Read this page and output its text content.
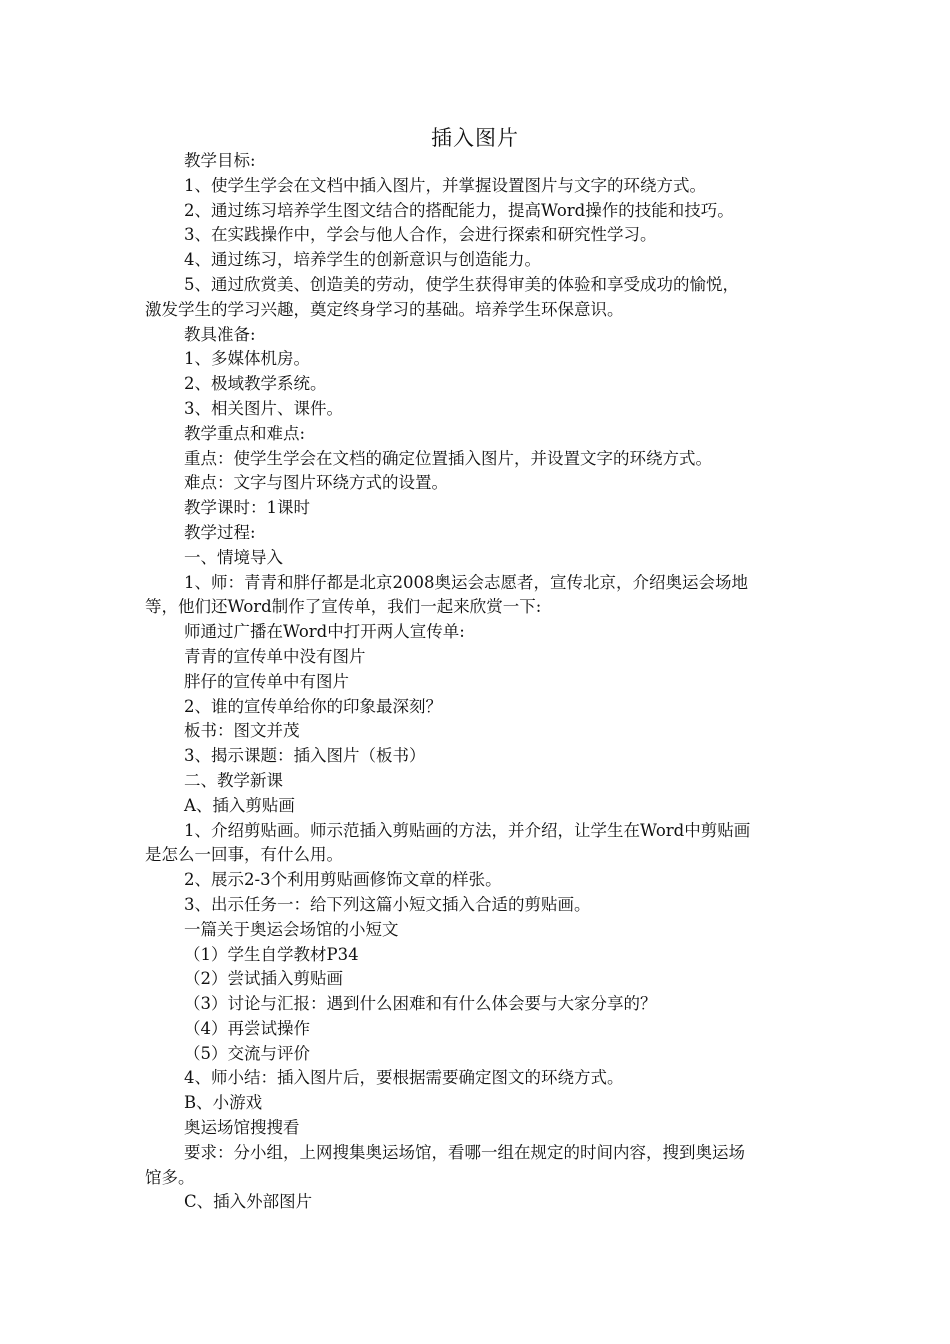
插入图片
教学目标:
1、使学生学会在文档中插入图片，并掌握设置图片与文字的环绕方式。
2、通过练习培养学生图文结合的搭配能力，提高Word操作的技能和技巧。
3、在实践操作中，学会与他人合作，会进行探索和研究性学习。
4、通过练习，培养学生的创新意识与创造能力。
5、通过欣赏美、创造美的劳动，使学生获得审美的体验和享受成功的愉悦，
激发学生的学习兴趣，奠定终身学习的基础。培养学生环保意识。
教具准备:
1、多媒体机房。
2、极域教学系统。
3、相关图片、课件。
教学重点和难点:
重点：使学生学会在文档的确定位置插入图片，并设置文字的环绕方式。
难点：文字与图片环绕方式的设置。
教学课时：1课时
教学过程:
一、情境导入
1、师：青青和胖仔都是北京2008奥运会志愿者，宣传北京，介绍奥运会场地
等，他们还Word制作了宣传单，我们一起来欣赏一下:
师通过广播在Word中打开两人宣传单:
青青的宣传单中没有图片
胖仔的宣传单中有图片
2、谁的宣传单给你的印象最深刻？
板书：图文并茂
3、揭示课题：插入图片（板书）
二、教学新课
A、插入剪贴画
1、介绍剪贴画。师示范插入剪贴画的方法，并介绍，让学生在Word中剪贴画
是怎么一回事，有什么用。
2、展示2-3个利用剪贴画修饰文章的样张。
3、出示任务一：给下列这篇小短文插入合适的剪贴画。
一篇关于奥运会场馆的小短文
（1）学生自学教材P34
（2）尝试插入剪贴画
（3）讨论与汇报：遇到什么困难和有什么体会要与大家分享的？
（4）再尝试操作
（5）交流与评价
4、师小结：插入图片后，要根据需要确定图文的环绕方式。
B、小游戏
奥运场馆搜搜看
要求：分小组，上网搜集奥运场馆，看哪一组在规定的时间内容，搜到奥运场
馆多。
C、插入外部图片
